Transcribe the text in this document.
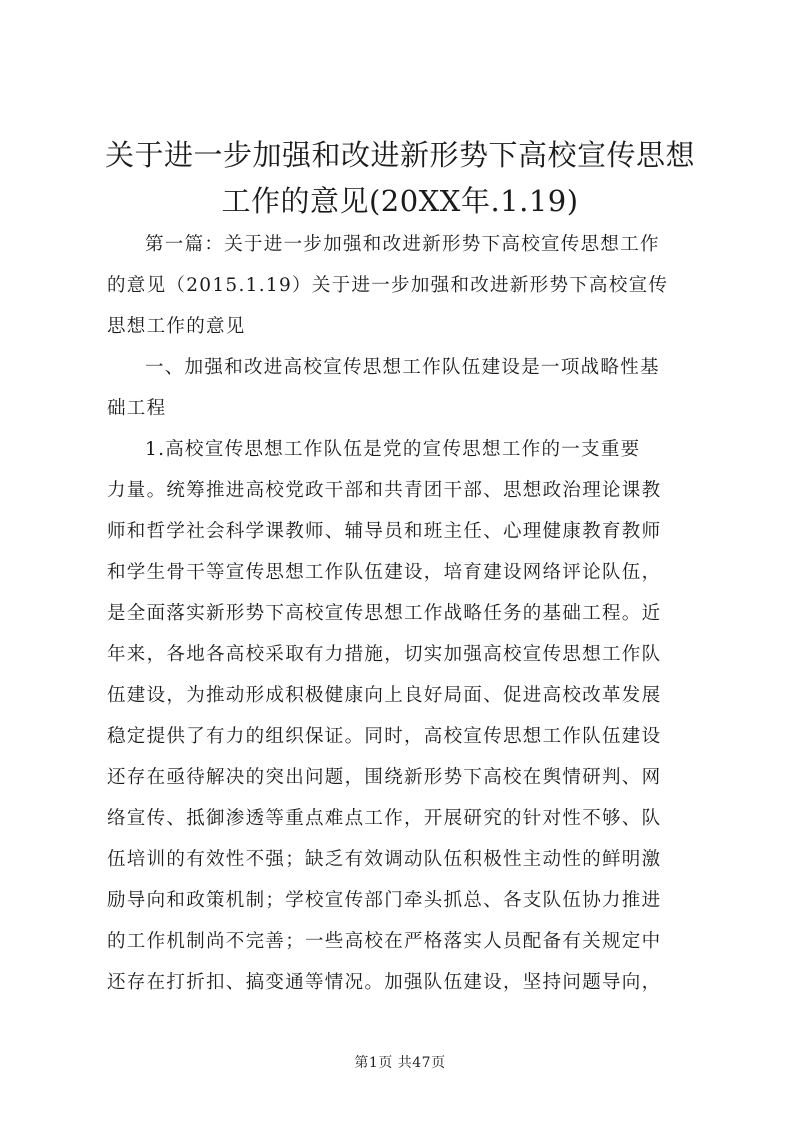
关于进一步加强和改进新形势下高校宣传思想
工作的意见(20XX年.1.19)

第一篇：关于进一步加强和改进新形势下高校宣传思想工作
的意见（2015.1.19）关于进一步加强和改进新形势下高校宣传
思想工作的意见

一、加强和改进高校宣传思想工作队伍建设是一项战略性基
础工程

1.高校宣传思想工作队伍是党的宣传思想工作的一支重要
力量。统筹推进高校党政干部和共青团干部、思想政治理论课教
师和哲学社会科学课教师、辅导员和班主任、心理健康教育教师
和学生骨干等宣传思想工作队伍建设，培育建设网络评论队伍，
是全面落实新形势下高校宣传思想工作战略任务的基础工程。近
年来，各地各高校采取有力措施，切实加强高校宣传思想工作队
伍建设，为推动形成积极健康向上良好局面、促进高校改革发展
稳定提供了有力的组织保证。同时，高校宣传思想工作队伍建设
还存在亟待解决的突出问题，围绕新形势下高校在舆情研判、网
络宣传、抵御渗透等重点难点工作，开展研究的针对性不够、队
伍培训的有效性不强；缺乏有效调动队伍积极性主动性的鲜明激
励导向和政策机制；学校宣传部门牵头抓总、各支队伍协力推进
的工作机制尚不完善；一些高校在严格落实人员配备有关规定中
还存在打折扣、搞变通等情况。加强队伍建设，坚持问题导向，

第1页 共47页
